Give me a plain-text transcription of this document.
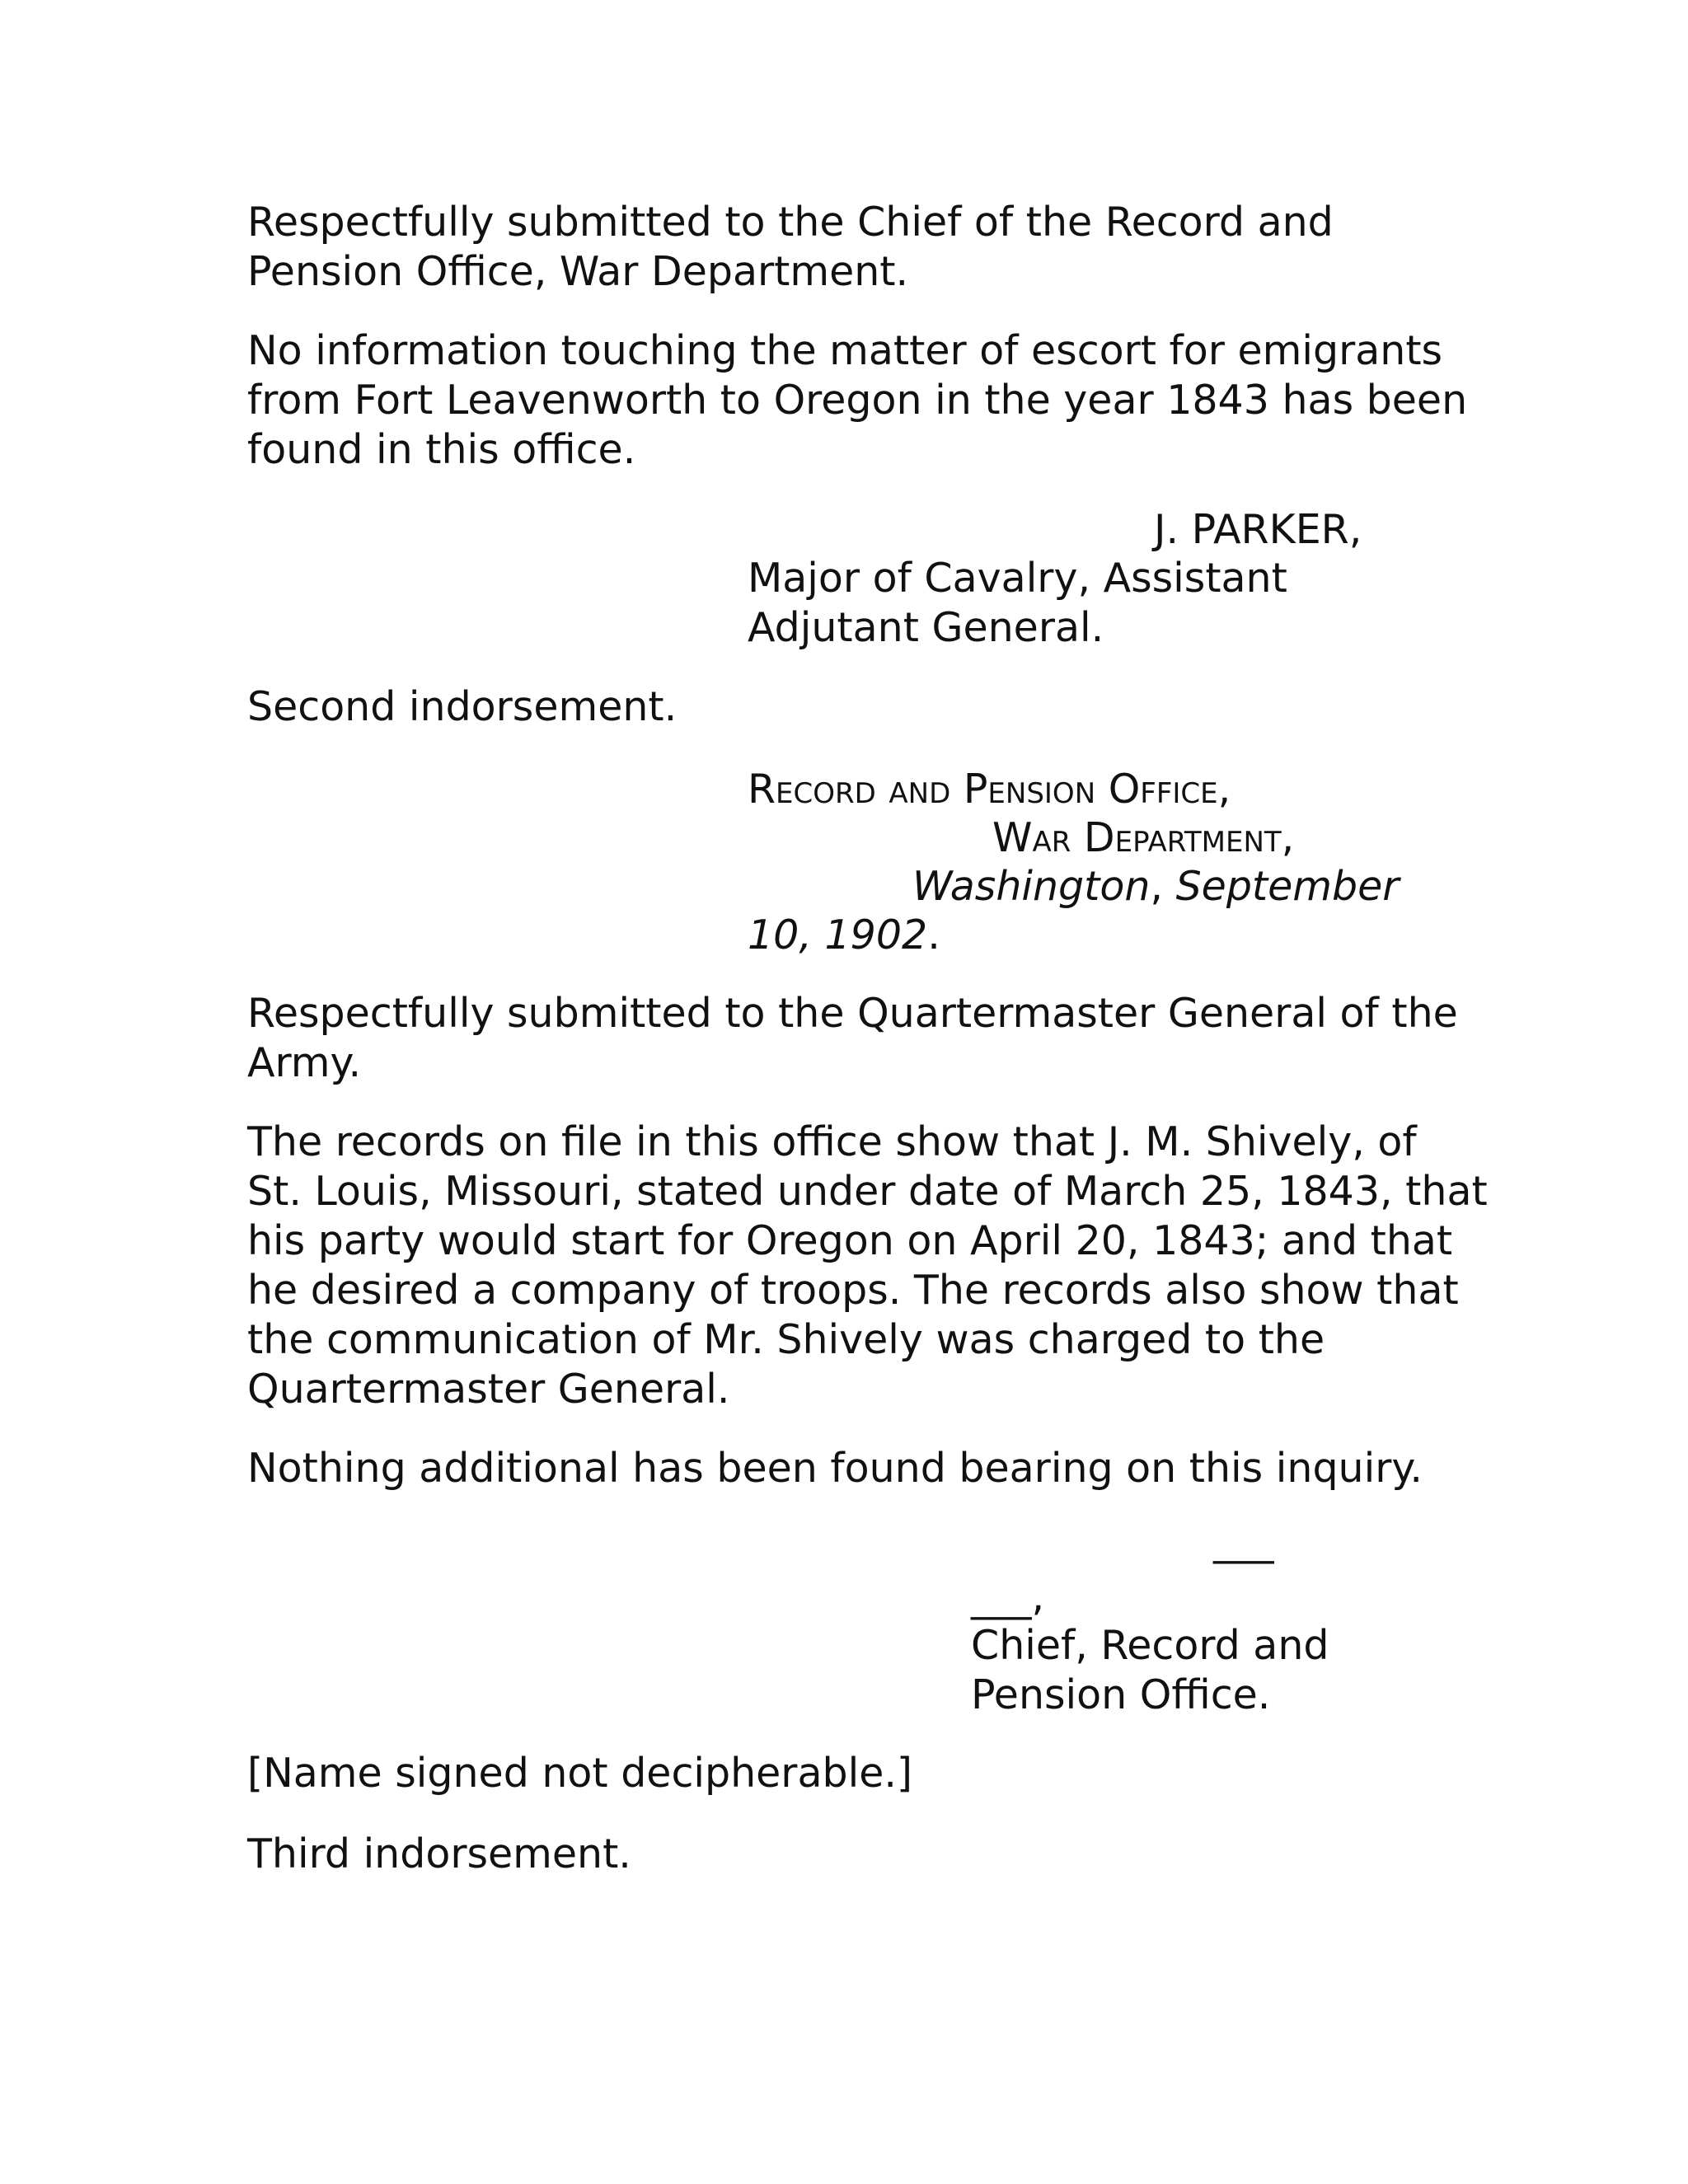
Respectfully submitted to the Chief of the Record and
Pension Office, War Department.
No information touching the matter of escort for emigrants
from Fort Leavenworth to Oregon in the year 1843 has been
found in this office.
J. PARKER,
Major of Cavalry, Assistant
Adjutant General.
Second indorsement.
Record and Pension Office,
War Department,
Washington, September
10, 1902.
Respectfully submitted to the Quartermaster General of the
Army.
The records on file in this office show that J. M. Shively, of
St. Louis, Missouri, stated under date of March 25, 1843, that
his party would start for Oregon on April 20, 1843; and that
he desired a company of troops. The records also show that
the communication of Mr. Shively was charged to the
Quartermaster General.
Nothing additional has been found bearing on this inquiry.
___
___,
Chief, Record and
Pension Office.
[Name signed not decipherable.]
Third indorsement.
